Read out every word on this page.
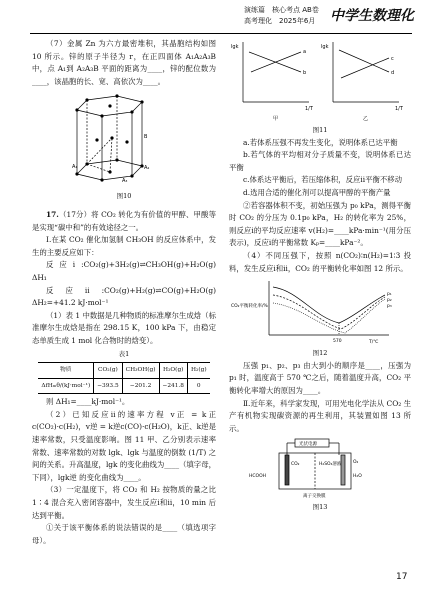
演练篇　核心考点 AB卷
高考理化　2025年6月 中学生数理化

（7）金属 Zn 为六方最密堆积，其晶胞结构如图 10 所示。锌的原子半径为 r，在正四面体 A₁A₂A₃B 中，点 A₁到 A₂A₃B 平面的距离为____，锌的配位数为____，该晶胞的长、宽、高依次为____。

B
A₁
A₃
A₂

图10

17.（17分）将 CO₂ 转化为有价值的甲醇、甲酸等是实现“碳中和”的有效途径之一。

Ⅰ.在某 CO₂ 催化加氢制 CH₃OH 的反应体系中，发生的主要反应如下：

反应ⅰ:CO₂(g)+3H₂(g)⇌CH₃OH(g)+H₂O(g)　ΔH₁

反应ⅱ:CO₂(g)+H₂(g)⇌CO(g)+H₂O(g)　ΔH₂=+41.2 kJ·mol⁻¹

（1）表 1 中数据是几种物质的标准摩尔生成焓（标准摩尔生成焓是指在 298.15 K，100 kPa 下，由稳定态单质生成 1 mol 化合物时的焓变）。

表1

物质	CO₂(g)	CH₃OH(g)	H₂O(g)	H₂(g)
ΔfHₘθ/(kJ·mol⁻¹)	−393.5	−201.2	−241.8	0

则 ΔH₁=____kJ·mol⁻¹。

（2）已知反应ⅱ的速率方程 v正 = k正c(CO₂)·c(H₂)，v逆 = k逆c(CO)·c(H₂O)，k正、k逆是速率常数，只受温度影响。图 11 甲、乙分别表示速率常数、速率常数的对数 lgk、lgk 与温度的倒数 (1/T) 之间的关系。升高温度，lgk 的变化曲线为____（填字母，下同），lgk逆 的变化曲线为____。

（3）一定温度下，将 CO₂ 和 H₂ 按物质的量之比 1∶4 混合充入密闭容器中，发生反应ⅰ和ⅱ，10 min 后达到平衡。

①关于该平衡体系的说法错误的是____（填选项字母）。

lgk	lgk
a
b
c
d
1/T	1/T
甲	乙

图11

a.若体系压强不再发生变化，说明体系已达平衡

b.若气体的平均相对分子质量不变，说明体系已达平衡

c.体系达平衡后，若压缩体积，反应ⅱ平衡不移动

d.选用合适的催化剂可以提高甲醇的平衡产量

②若容器体积不变，初始压强为 p₀ kPa，测得平衡时 CO₂ 的分压为 0.1p₀ kPa，H₂ 的转化率为 25%，则反应ⅰ的平均反应速率 v(H₂)=____kPa·min⁻¹(用分压表示)，反应ⅰ的平衡常数 Kₚ=____kPa⁻²。

（4）不同压强下，按照 n(CO₂)∶n(H₂)=1∶3 投料，发生反应ⅰ和ⅱ，CO₂ 的平衡转化率如图 12 所示。

CO₂平衡转化率/%
T/℃
570
p₁
p₂
p₃

图12

压强 p₁、p₂、p₃ 由大到小的顺序是____，压强为 p₁ 时，温度高于 570 ℃之后，随着温度升高，CO₂ 平衡转化率增大的原因为____。

Ⅱ.近年来，科学家发现，可用光电化学法从 CO₂ 生产有机物实现碳资源的再生利用，其装置如图 13 所示。

光伏电源
HCOOH
CO₂	H₂SO₄溶液	O₂
H₂O
离子交换膜

图13

17
